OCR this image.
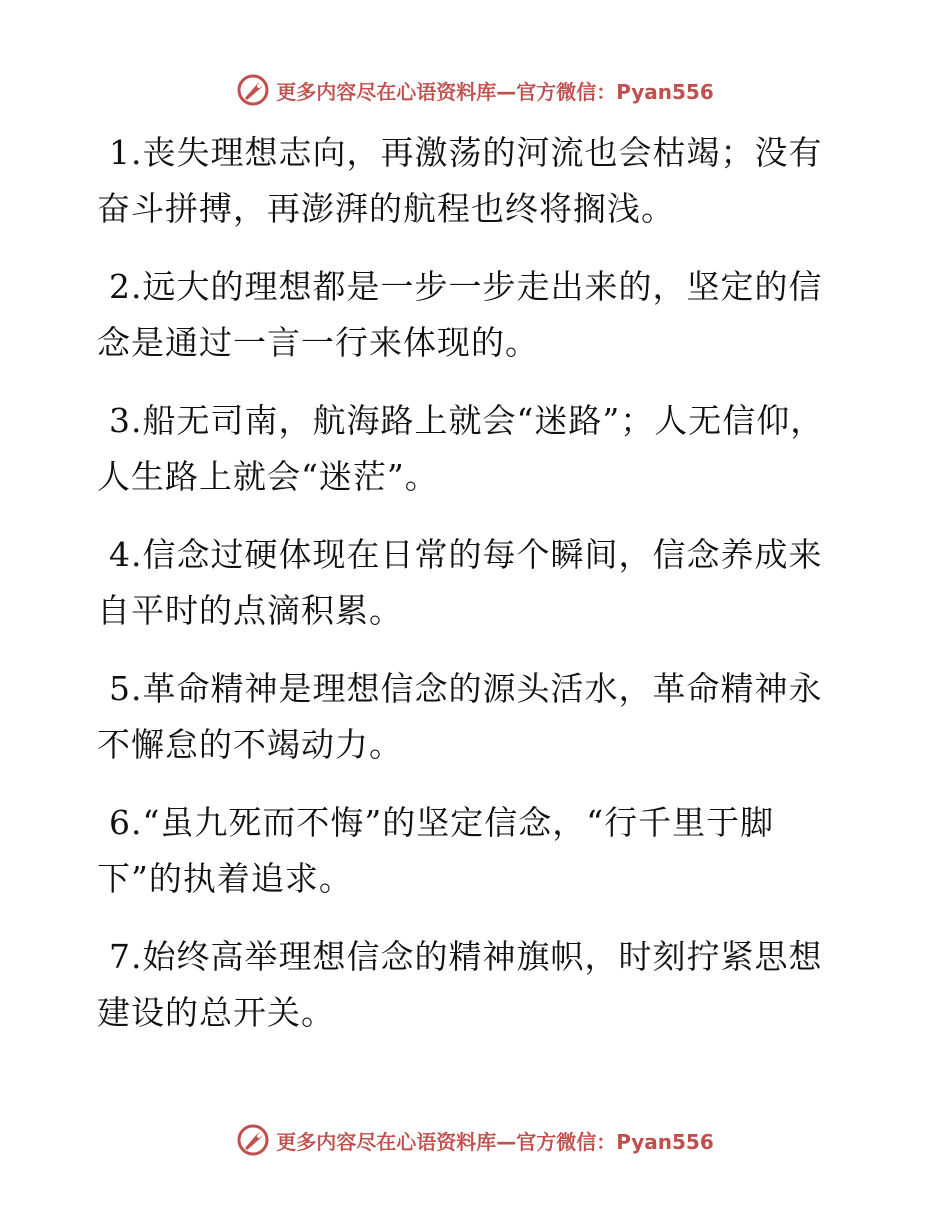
更多内容尽在心语资料库—官方微信：Pyan556

1.丧失理想志向，再激荡的河流也会枯竭；没有奋斗拼搏，再澎湃的航程也终将搁浅。

2.远大的理想都是一步一步走出来的，坚定的信念是通过一言一行来体现的。

3.船无司南，航海路上就会“迷路”；人无信仰，人生路上就会“迷茫”。

4.信念过硬体现在日常的每个瞬间，信念养成来自平时的点滴积累。

5.革命精神是理想信念的源头活水，革命精神永不懈怠的不竭动力。

6.“虽九死而不悔”的坚定信念，“行千里于脚下”的执着追求。

7.始终高举理想信念的精神旗帜，时刻拧紧思想建设的总开关。

更多内容尽在心语资料库—官方微信：Pyan556
